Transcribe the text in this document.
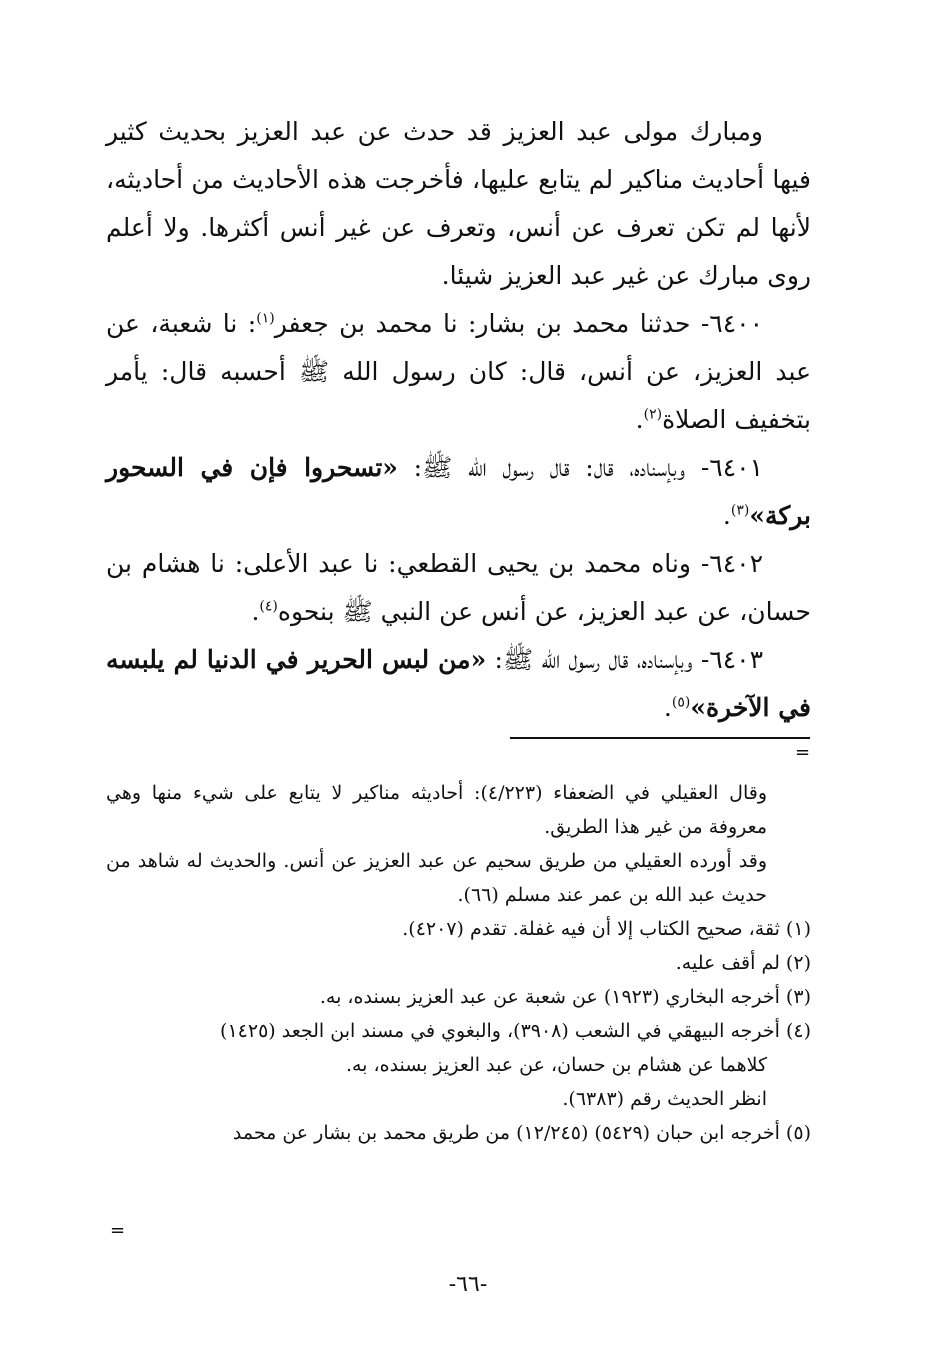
ومبارك مولى عبد العزيز قد حدث عن عبد العزيز بحديث كثير فيها أحاديث مناكير لم يتابع عليها، فأخرجت هذه الأحاديث من أحاديثه، لأنها لم تكن تعرف عن أنس، وتعرف عن غير أنس أكثرها. ولا أعلم روى مبارك عن غير عبد العزيز شيئا.

٦٤٠٠- حدثنا محمد بن بشار: نا محمد بن جعفر$^{(١)}$: نا شعبة، عن عبد العزيز، عن أنس، قال: كان رسول الله ﷺ أحسبه قال: يأمر بتخفيف الصلاة$^{(٢)}$.

٦٤٠١- وبإسناده، قال: قال رسول الله ﷺ: «تسحروا فإن في السحور بركة»$^{(٣)}$.

٦٤٠٢- وناه محمد بن يحيى القطعي: نا عبد الأعلى: نا هشام بن حسان، عن عبد العزيز، عن أنس عن النبي ﷺ بنحوه$^{(٤)}$.

٦٤٠٣- وبإسناده، قال رسول الله ﷺ: «من لبس الحرير في الدنيا لم يلبسه في الآخرة»$^{(٥)}$.

=

وقال العقيلي في الضعفاء (٤/٢٢٣): أحاديثه مناكير لا يتابع على شيء منها وهي معروفة من غير هذا الطريق.

وقد أورده العقيلي من طريق سحيم عن عبد العزيز عن أنس. والحديث له شاهد من حديث عبد الله بن عمر عند مسلم (٦٦).

(١) ثقة، صحيح الكتاب إلا أن فيه غفلة. تقدم (٤٢٠٧).

(٢) لم أقف عليه.

(٣) أخرجه البخاري (١٩٢٣) عن شعبة عن عبد العزيز بسنده، به.

(٤) أخرجه البيهقي في الشعب (٣٩٠٨)، والبغوي في مسند ابن الجعد (١٤٢٥)

كلاهما عن هشام بن حسان، عن عبد العزيز بسنده، به.

انظر الحديث رقم (٦٣٨٣).

(٥) أخرجه ابن حبان (٥٤٢٩) (١٢/٢٤٥) من طريق محمد بن بشار عن محمد

=
-٦٦-
